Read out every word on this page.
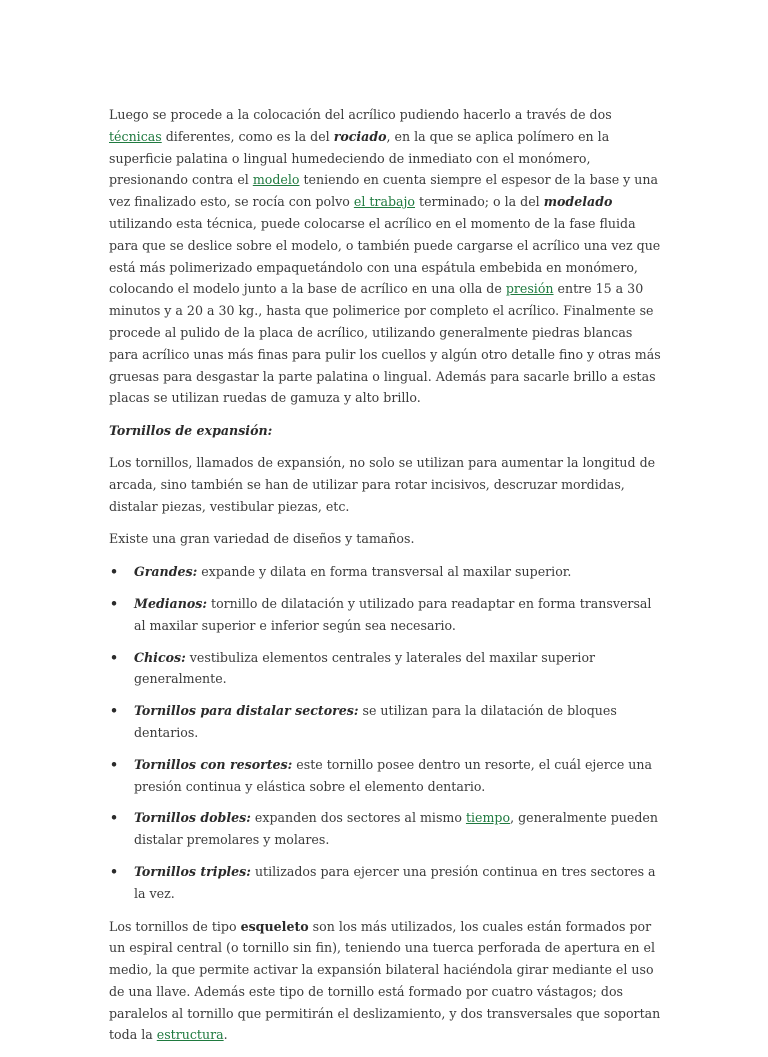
Luego se procede a la colocación del acrílico pudiendo hacerlo a través de dos técnicas diferentes, como es la del rociado, en la que se aplica polímero en la superficie palatina o lingual humedeciendo de inmediato con el monómero, presionando contra el modelo teniendo en cuenta siempre el espesor de la base y una vez finalizado esto, se rocía con polvo el trabajo terminado; o la del modelado utilizando esta técnica, puede colocarse el acrílico en el momento de la fase fluida para que se deslice sobre el modelo, o también puede cargarse el acrílico una vez que está más polimerizado empaquetándolo con una espátula embebida en monómero, colocando el modelo junto a la base de acrílico en una olla de presión entre 15 a 30 minutos y a 20 a 30 kg., hasta que polimerice por completo el acrílico. Finalmente se procede al pulido de la placa de acrílico, utilizando generalmente piedras blancas para acrílico unas más finas para pulir los cuellos y algún otro detalle fino y otras más gruesas para desgastar la parte palatina o lingual. Además para sacarle brillo a estas placas se utilizan ruedas de gamuza y alto brillo.

Tornillos de expansión:

Los tornillos, llamados de expansión, no solo se utilizan para aumentar la longitud de arcada, sino también se han de utilizar para rotar incisivos, descruzar mordidas, distalar piezas, vestibular piezas, etc.

Existe una gran variedad de diseños y tamaños.

• Grandes: expande y dilata en forma transversal al maxilar superior.
• Medianos: tornillo de dilatación y utilizado para readaptar en forma transversal al maxilar superior e inferior según sea necesario.
• Chicos: vestibuliza elementos centrales y laterales del maxilar superior generalmente.
• Tornillos para distalar sectores: se utilizan para la dilatación de bloques dentarios.
• Tornillos con resortes: este tornillo posee dentro un resorte, el cuál ejerce una presión continua y elástica sobre el elemento dentario.
• Tornillos dobles: expanden dos sectores al mismo tiempo, generalmente pueden distalar premolares y molares.
• Tornillos triples: utilizados para ejercer una presión continua en tres sectores a la vez.

Los tornillos de tipo esqueleto son los más utilizados, los cuales están formados por un espiral central (o tornillo sin fin), teniendo una tuerca perforada de apertura en el medio, la que permite activar la expansión bilateral haciéndola girar mediante el uso de una llave. Además este tipo de tornillo está formado por cuatro vástagos; dos paralelos al tornillo que permitirán el deslizamiento, y dos transversales que soportan toda la estructura.
